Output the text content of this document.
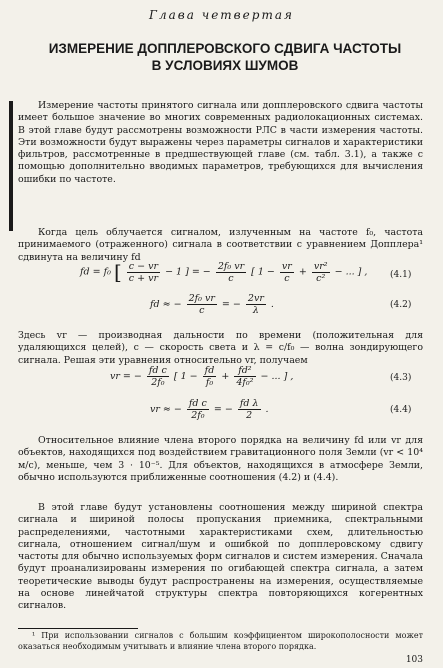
Глава четвертая
ИЗМЕРЕНИЕ ДОППЛЕРОВСКОГО СДВИГА ЧАСТОТЫ
В УСЛОВИЯХ ШУМОВ
Измерение частоты принятого сигнала или допплеровского сдвига частоты имеет большое значение во многих современных радиолокационных системах. В этой главе будут рассмотрены возможности РЛС в части измерения частоты. Эти возможности будут выражены через параметры сигналов и характеристики фильтров, рассмотренные в предшествующей главе (см. табл. 3.1), а также с помощью дополнительно вводимых параметров, требующихся для вычисления ошибки по частоте.
Когда цель облучается сигналом, излученным на частоте f₀, частота принимаемого (отраженного) сигнала в соответствии с уравнением Допплера¹ сдвинута на величину fd
fd = f₀ [ $\frac{c - vr}{c + vr} - 1$ ] = − $\frac{\text{2f₀ vr}}{c}$ [ $1 - \frac{vr}{c} + \frac{\text{vr²}}{\text{c²}}$ − ... ] ,	(4.1)
fd ≈ − $\frac{\text{2f₀ vr}}{c}$ = − $\frac{2vr}{\lambda}$ .	(4.2)
Здесь vr — производная дальности по времени (положительная для удаляющихся целей), c — скорость света и λ = c/f₀ — волна зондирующего сигнала. Решая эти уравнения относительно vr, получаем
vr = − $\frac{\text{fd c}}{\text{2f₀}}$ [ $1 - \frac{fd}{\text{f₀}} + \frac{\text{fd²}}{\text{4f₀²}}$ − ... ] ,	(4.3)
vr ≈ − $\frac{\text{fd c}}{\text{2f₀}}$ = − $\frac{\text{fd λ}}{2}$ .	(4.4)
Относительное влияние члена второго порядка на величину fd или vr для объектов, находящихся под воздействием гравитационного поля Земли (vr < 10⁴ м/с), меньше, чем 3 · 10⁻⁵. Для объектов, находящихся в атмосфере Земли, обычно используются приближенные соотношения (4.2) и (4.4).
В этой главе будут установлены соотношения между шириной спектра сигнала и шириной полосы пропускания приемника, спектральными распределениями, частотными характеристиками схем, длительностью сигнала, отношением сигнал/шум и ошибкой по допплеровскому сдвигу частоты для обычно используемых форм сигналов и систем измерения. Сначала будут проанализированы измерения по огибающей спектра сигнала, а затем теоретические выводы будут распространены на измерения, осуществляемые на основе линейчатой структуры спектра повторяющихся когерентных сигналов.
¹ При использовании сигналов с большим коэффициентом широкополосности может оказаться необходимым учитывать и влияние члена второго порядка.
103
